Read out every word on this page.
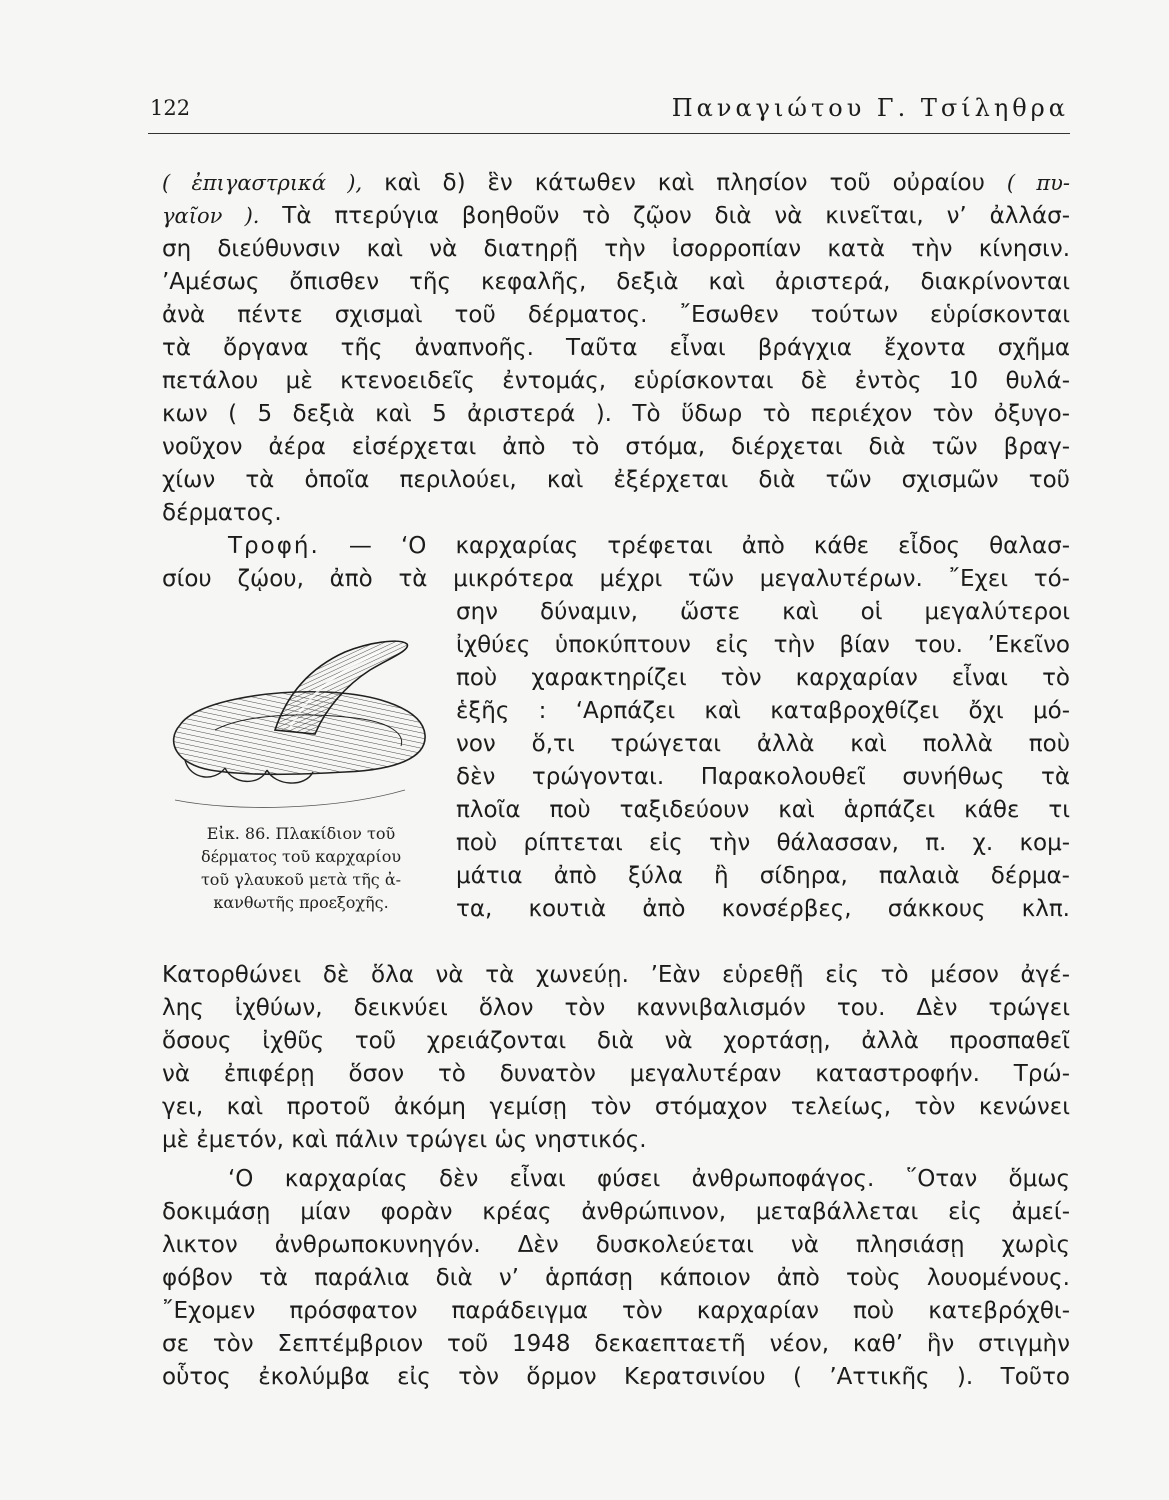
122	Παναγιώτου Γ. Τσίληθρα

( ἐπιγαστρικά ), καὶ δ) ἓν κάτωθεν καὶ πλησίον τοῦ οὐραίου ( πυ-

γαῖον ). Τὰ πτερύγια βοηθοῦν τὸ ζῷον διὰ νὰ κινεῖται, ν’ ἀλλάσ-

ση διεύθυνσιν καὶ νὰ διατηρῇ τὴν ἰσορροπίαν κατὰ τὴν κίνησιν.

’Αμέσως ὄπισθεν τῆς κεφαλῆς, δεξιὰ καὶ ἀριστερά, διακρίνονται

ἀνὰ πέντε σχισμαὶ τοῦ δέρματος. ῎Εσωθεν τούτων εὑρίσκονται

τὰ ὄργανα τῆς ἀναπνοῆς. Ταῦτα εἶναι βράγχια ἔχοντα σχῆμα

πετάλου μὲ κτενοειδεῖς ἐντομάς, εὑρίσκονται δὲ ἐντὸς 10 θυλά-

κων ( 5 δεξιὰ καὶ 5 ἀριστερά ). Τὸ ὕδωρ τὸ περιέχον τὸν ὀξυγο-

νοῦχον ἀέρα εἰσέρχεται ἀπὸ τὸ στόμα, διέρχεται διὰ τῶν βραγ-

χίων τὰ ὁποῖα περιλούει, καὶ ἐξέρχεται διὰ τῶν σχισμῶν τοῦ

δέρματος.

Τροφή. — ‘Ο καρχαρίας τρέφεται ἀπὸ κάθε εἶδος θαλασ-

σίου ζῴου, ἀπὸ τὰ μικρότερα μέχρι τῶν μεγαλυτέρων. ῎Εχει τό-

σην δύναμιν, ὥστε καὶ οἱ μεγαλύτεροι

ἰχθύες ὑποκύπτουν εἰς τὴν βίαν του. ’Εκεῖνο

ποὺ χαρακτηρίζει τὸν καρχαρίαν εἶναι τὸ

ἑξῆς : ‘Αρπάζει καὶ καταβροχθίζει ὄχι μό-

νον ὅ,τι τρώγεται ἀλλὰ καὶ πολλὰ ποὺ

δὲν τρώγονται. Παρακολουθεῖ συνήθως τὰ

πλοῖα ποὺ ταξιδεύουν καὶ ἁρπάζει κάθε τι

ποὺ ρίπτεται εἰς τὴν θάλασσαν, π. χ. κομ-

μάτια ἀπὸ ξύλα ἢ σίδηρα, παλαιὰ δέρμα-

τα, κουτιὰ ἀπὸ κονσέρβες, σάκκους κλπ.

Εἰκ. 86. Πλακίδιον τοῦ
δέρματος τοῦ καρχαρίου
τοῦ γλαυκοῦ μετὰ τῆς ἀ-
κανθωτῆς προεξοχῆς.

Κατορθώνει δὲ ὅλα νὰ τὰ χωνεύῃ. ’Εὰν εὑρεθῇ εἰς τὸ μέσον ἀγέ-

λης ἰχθύων, δεικνύει ὅλον τὸν καννιβαλισμόν του. Δὲν τρώγει

ὅσους ἰχθῦς τοῦ χρειάζονται διὰ νὰ χορτάσῃ, ἀλλὰ προσπαθεῖ

νὰ ἐπιφέρῃ ὅσον τὸ δυνατὸν μεγαλυτέραν καταστροφήν. Τρώ-

γει, καὶ προτοῦ ἀκόμη γεμίσῃ τὸν στόμαχον τελείως, τὸν κενώνει

μὲ ἐμετόν, καὶ πάλιν τρώγει ὡς νηστικός.

‘Ο καρχαρίας δὲν εἶναι φύσει ἀνθρωποφάγος. ῞Οταν ὅμως

δοκιμάσῃ μίαν φορὰν κρέας ἀνθρώπινον, μεταβάλλεται εἰς ἀμεί-

λικτον ἀνθρωποκυνηγόν. Δὲν δυσκολεύεται νὰ πλησιάσῃ χωρὶς

φόβον τὰ παράλια διὰ ν’ ἁρπάσῃ κάποιον ἀπὸ τοὺς λουομένους.

῎Εχομεν πρόσφατον παράδειγμα τὸν καρχαρίαν ποὺ κατεβρόχθι-

σε τὸν Σεπτέμβριον τοῦ 1948 δεκαεπταετῆ νέον, καθ’ ἣν στιγμὴν

οὗτος ἐκολύμβα εἰς τὸν ὅρμον Κερατσινίου ( ’Αττικῆς ). Τοῦτο
